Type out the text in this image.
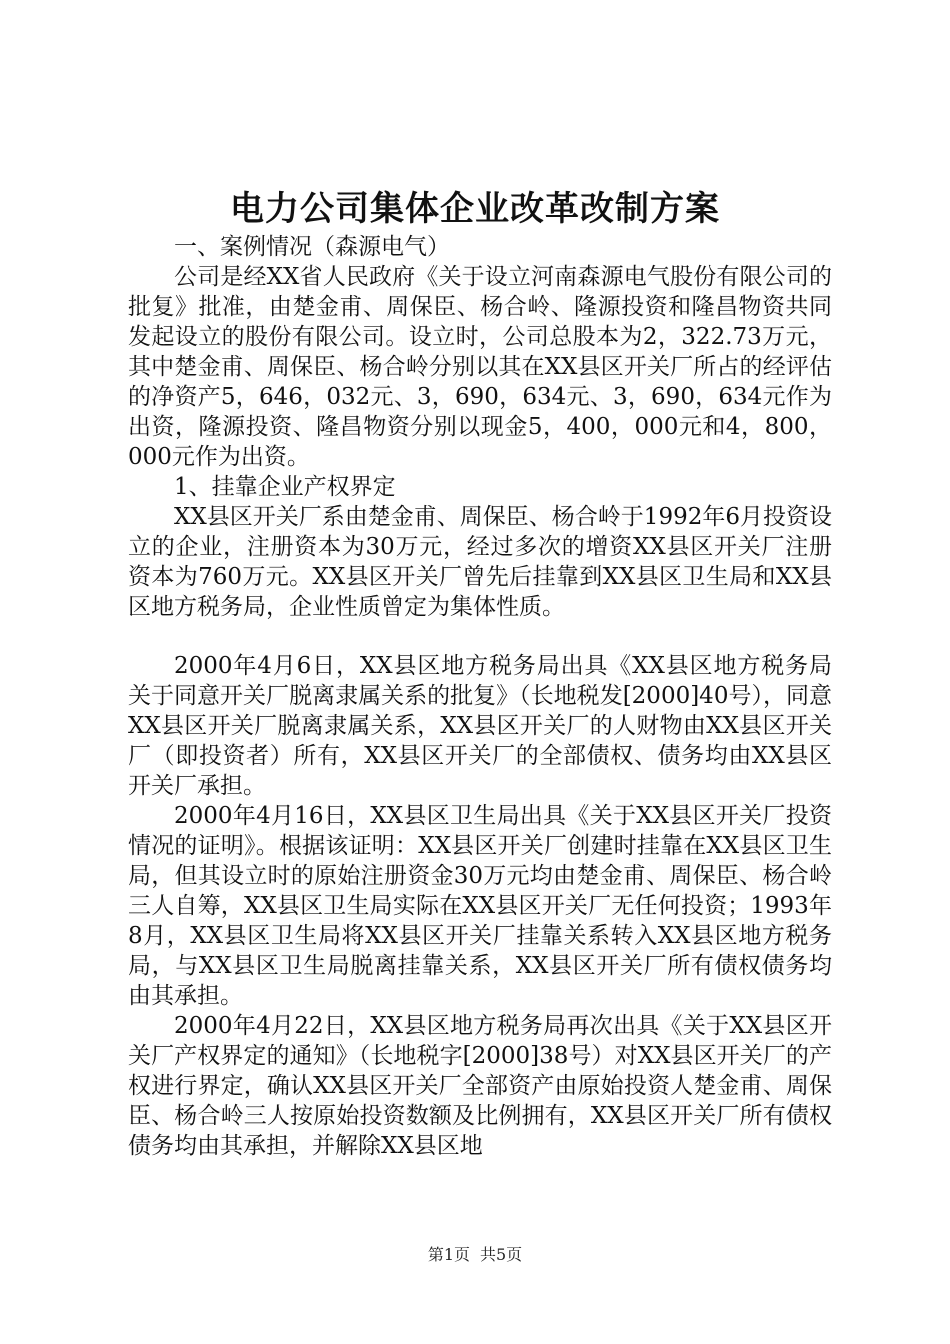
电力公司集体企业改革改制方案

一、案例情况（森源电气）

公司是经XX省人民政府《关于设立河南森源电气股份有限公司的批复》批准，由楚金甫、周保臣、杨合岭、隆源投资和隆昌物资共同发起设立的股份有限公司。设立时，公司总股本为2，322.73万元，其中楚金甫、周保臣、杨合岭分别以其在XX县区开关厂所占的经评估的净资产5，646，032元、3，690，634元、3，690，634元作为出资，隆源投资、隆昌物资分别以现金5，400，000元和4，800，000元作为出资。

1、挂靠企业产权界定

XX县区开关厂系由楚金甫、周保臣、杨合岭于1992年6月投资设立的企业，注册资本为30万元，经过多次的增资XX县区开关厂注册资本为760万元。XX县区开关厂曾先后挂靠到XX县区卫生局和XX县区地方税务局，企业性质曾定为集体性质。

2000年4月6日，XX县区地方税务局出具《XX县区地方税务局关于同意开关厂脱离隶属关系的批复》（长地税发[2000]40号），同意XX县区开关厂脱离隶属关系，XX县区开关厂的人财物由XX县区开关厂（即投资者）所有，XX县区开关厂的全部债权、债务均由XX县区开关厂承担。

2000年4月16日，XX县区卫生局出具《关于XX县区开关厂投资情况的证明》。根据该证明：XX县区开关厂创建时挂靠在XX县区卫生局，但其设立时的原始注册资金30万元均由楚金甫、周保臣、杨合岭三人自筹，XX县区卫生局实际在XX县区开关厂无任何投资；1993年8月，XX县区卫生局将XX县区开关厂挂靠关系转入XX县区地方税务局，与XX县区卫生局脱离挂靠关系，XX县区开关厂所有债权债务均由其承担。

2000年4月22日，XX县区地方税务局再次出具《关于XX县区开关厂产权界定的通知》（长地税字[2000]38号）对XX县区开关厂的产权进行界定，确认XX县区开关厂全部资产由原始投资人楚金甫、周保臣、杨合岭三人按原始投资数额及比例拥有，XX县区开关厂所有债权债务均由其承担，并解除XX县区地

第1页 共5页
